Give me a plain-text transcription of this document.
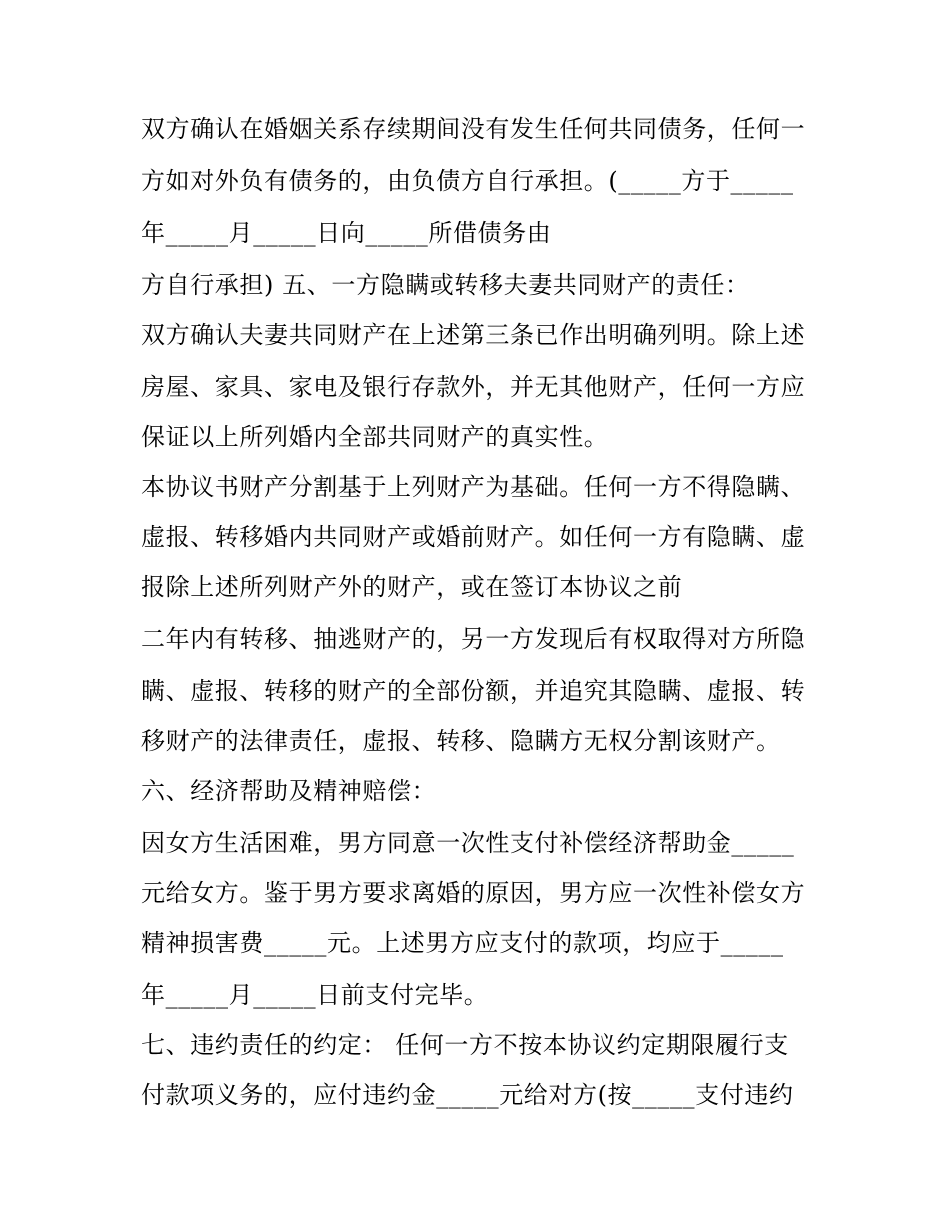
双方确认在婚姻关系存续期间没有发生任何共同债务，任何一
方如对外负有债务的，由负债方自行承担。(_____方于_____
年_____月_____日向_____所借债务由
方自行承担) 五、一方隐瞒或转移夫妻共同财产的责任：
双方确认夫妻共同财产在上述第三条已作出明确列明。除上述
房屋、家具、家电及银行存款外，并无其他财产，任何一方应
保证以上所列婚内全部共同财产的真实性。
本协议书财产分割基于上列财产为基础。任何一方不得隐瞒、
虚报、转移婚内共同财产或婚前财产。如任何一方有隐瞒、虚
报除上述所列财产外的财产，或在签订本协议之前
二年内有转移、抽逃财产的，另一方发现后有权取得对方所隐
瞒、虚报、转移的财产的全部份额，并追究其隐瞒、虚报、转
移财产的法律责任，虚报、转移、隐瞒方无权分割该财产。
六、经济帮助及精神赔偿：
因女方生活困难，男方同意一次性支付补偿经济帮助金_____
元给女方。鉴于男方要求离婚的原因，男方应一次性补偿女方
精神损害费_____元。上述男方应支付的款项，均应于_____
年_____月_____日前支付完毕。
七、违约责任的约定： 任何一方不按本协议约定期限履行支
付款项义务的，应付违约金_____元给对方(按_____支付违约
